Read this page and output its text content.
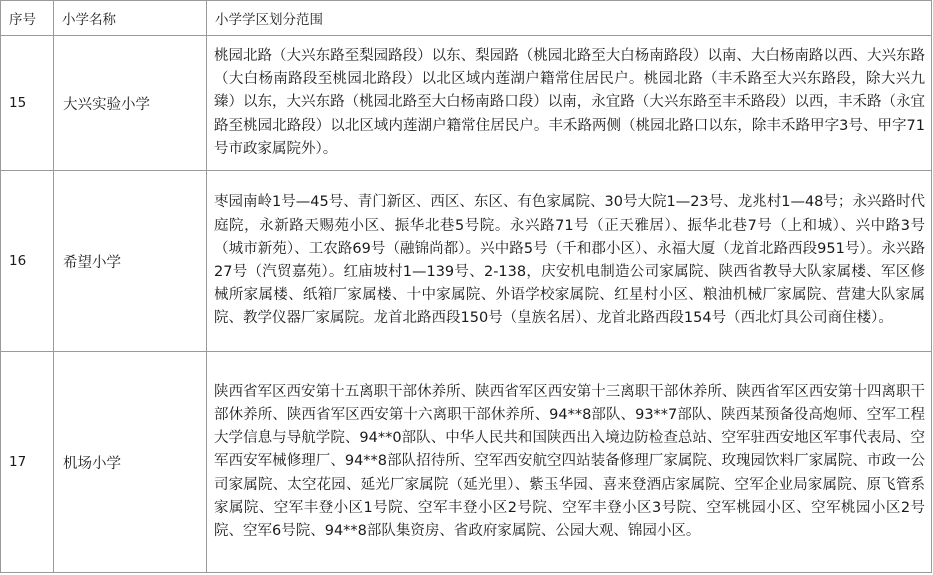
序号	小学名称	小学学区划分范围
15	大兴实验小学	桃园北路（大兴东路至梨园路段）以东、梨园路（桃园北路至大白杨南路段）以南、大白杨南路以西、大兴东路（大白杨南路段至桃园北路段）以北区域内莲湖户籍常住居民户。桃园北路（丰禾路至大兴东路段，除大兴九臻）以东，大兴东路（桃园北路至大白杨南路口段）以南，永宜路（大兴东路至丰禾路段）以西，丰禾路（永宜路至桃园北路段）以北区域内莲湖户籍常住居民户。丰禾路两侧（桃园北路口以东，除丰禾路甲字3号、甲字71号市政家属院外）。
16	希望小学	枣园南岭1号—45号、青门新区、西区、东区、有色家属院、30号大院1—23号、龙兆村1—48号；永兴路时代庭院，永新路天赐苑小区、振华北巷5号院。永兴路71号（正天雅居）、振华北巷7号（上和城）、兴中路3号（城市新苑）、工农路69号（融锦尚都）。兴中路5号（千和郡小区）、永福大厦（龙首北路西段951号）。永兴路27号（汽贸嘉苑）。红庙坡村1—139号、2-138，庆安机电制造公司家属院、陕西省教导大队家属楼、军区修械所家属楼、纸箱厂家属楼、十中家属院、外语学校家属院、红星村小区、粮油机械厂家属院、营建大队家属院、教学仪器厂家属院。龙首北路西段150号（皇族名居）、龙首北路西段154号（西北灯具公司商住楼）。
17	机场小学	陕西省军区西安第十五离职干部休养所、陕西省军区西安第十三离职干部休养所、陕西省军区西安第十四离职干部休养所、陕西省军区西安第十六离职干部休养所、94**8部队、93**7部队、陕西某预备役高炮师、空军工程大学信息与导航学院、94**0部队、中华人民共和国陕西出入境边防检查总站、空军驻西安地区军事代表局、空军西安军械修理厂、94**8部队招待所、空军西安航空四站装备修理厂家属院、玫瑰园饮料厂家属院、市政一公司家属院、太空花园、延光厂家属院（延光里）、紫玉华园、喜来登酒店家属院、空军企业局家属院、原飞管系家属院、空军丰登小区1号院、空军丰登小区2号院、空军丰登小区3号院、空军桃园小区、空军桃园小区2号院、空军6号院、94**8部队集资房、省政府家属院、公园大观、锦园小区。
